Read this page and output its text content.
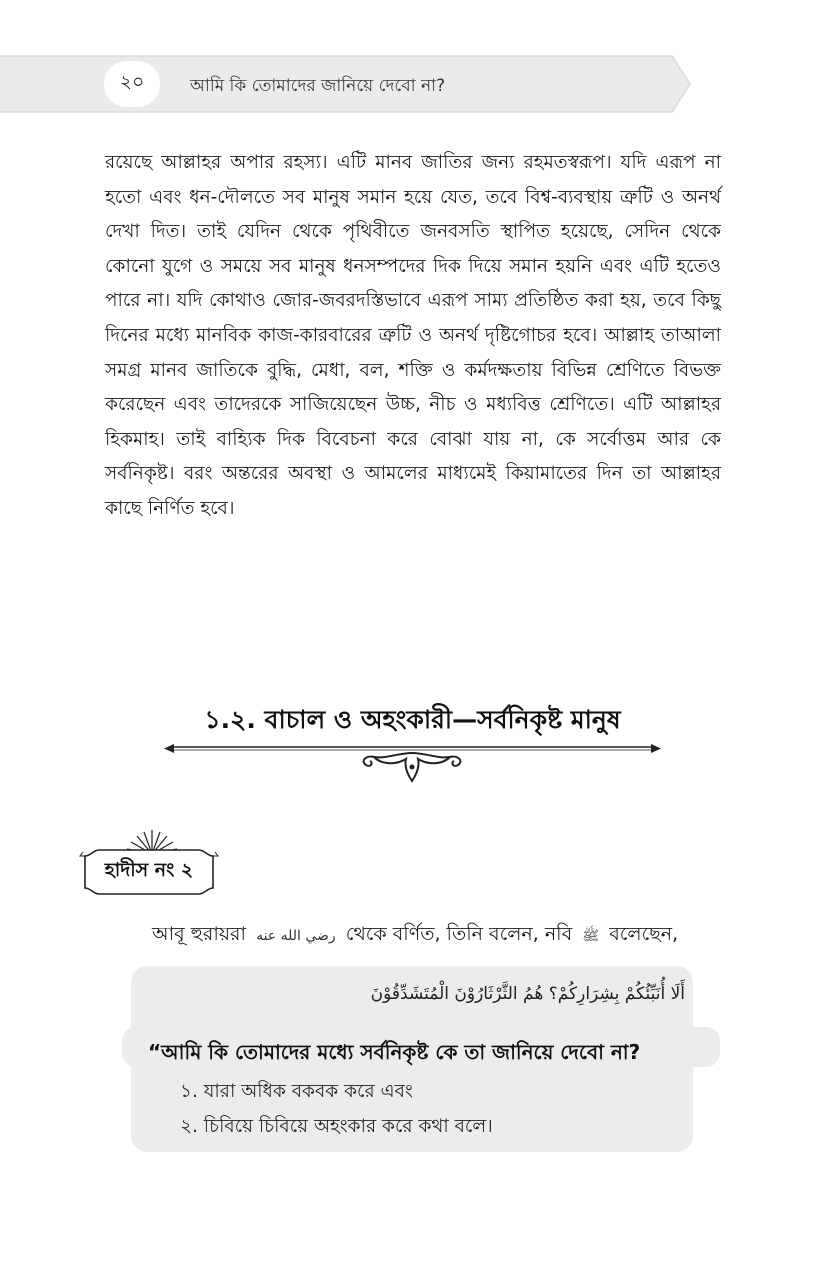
২০	আমি কি তোমাদের জানিয়ে দেবো না?
রয়েছে আল্লাহর অপার রহস্য। এটি মানব জাতির জন্য রহমতস্বরূপ। যদি এরূপ না হতো এবং ধন-দৌলতে সব মানুষ সমান হয়ে যেত, তবে বিশ্ব-ব্যবস্থায় ত্রুটি ও অনর্থ দেখা দিত। তাই যেদিন থেকে পৃথিবীতে জনবসতি স্থাপিত হয়েছে, সেদিন থেকে কোনো যুগে ও সময়ে সব মানুষ ধনসম্পদের দিক দিয়ে সমান হয়নি এবং এটি হতেও পারে না। যদি কোথাও জোর-জবরদস্তিভাবে এরূপ সাম্য প্রতিষ্ঠিত করা হয়, তবে কিছু দিনের মধ্যে মানবিক কাজ-কারবারের ত্রুটি ও অনর্থ দৃষ্টিগোচর হবে। আল্লাহ তাআলা সমগ্র মানব জাতিকে বুদ্ধি, মেধা, বল, শক্তি ও কর্মদক্ষতায় বিভিন্ন শ্রেণিতে বিভক্ত করেছেন এবং তাদেরকে সাজিয়েছেন উচ্চ, নীচ ও মধ্যবিত্ত শ্রেণিতে। এটি আল্লাহর হিকমাহ। তাই বাহ্যিক দিক বিবেচনা করে বোঝা যায় না, কে সর্বোত্তম আর কে সর্বনিকৃষ্ট। বরং অন্তরের অবস্থা ও আমলের মাধ্যমেই কিয়ামাতের দিন তা আল্লাহর কাছে নির্ণিত হবে।
১.২. বাচাল ও অহংকারী—সর্বনিকৃষ্ট মানুষ
হাদীস নং ২
আবূ হুরায়রা رضي الله عنه থেকে বর্ণিত, তিনি বলেন, নবি ﷺ বলেছেন,
أَلَا أُنَبِّئُكُمْ بِشِرَارِكُمْ؟ هُمُ الثَّرْثَارُوْنَ الْمُتَشَدِّقُوْنَ
“আমি কি তোমাদের মধ্যে সর্বনিকৃষ্ট কে তা জানিয়ে দেবো না?
১. যারা অধিক বকবক করে এবং
২. চিবিয়ে চিবিয়ে অহংকার করে কথা বলে।
